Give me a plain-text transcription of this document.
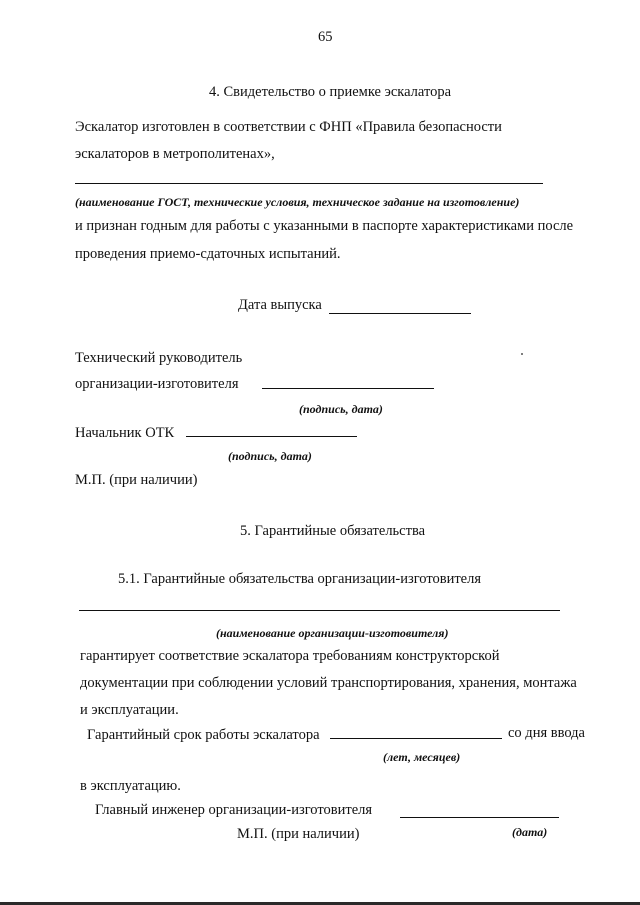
65
4. Свидетельство о приемке эскалатора
Эскалатор изготовлен в соответствии с ФНП «Правила безопасности
эскалаторов в метрополитенах»,
(наименование ГОСТ, технические условия, техническое задание на изготовление)
и признан годным для работы с указанными в паспорте характеристиками после
проведения приемо-сдаточных испытаний.
Дата выпуска
Технический руководитель
организации-изготовителя
(подпись, дата)
Начальник ОТК
(подпись, дата)
М.П. (при наличии)
5. Гарантийные обязательства
5.1. Гарантийные обязательства организации-изготовителя
(наименование организации-изготовителя)
гарантирует соответствие эскалатора требованиям конструкторской
документации при соблюдении условий транспортирования, хранения, монтажа
и эксплуатации.
Гарантийный срок работы эскалатора	со дня ввода
(лет, месяцев)
в эксплуатацию.
Главный инженер организации-изготовителя
М.П. (при наличии)	(дата)
